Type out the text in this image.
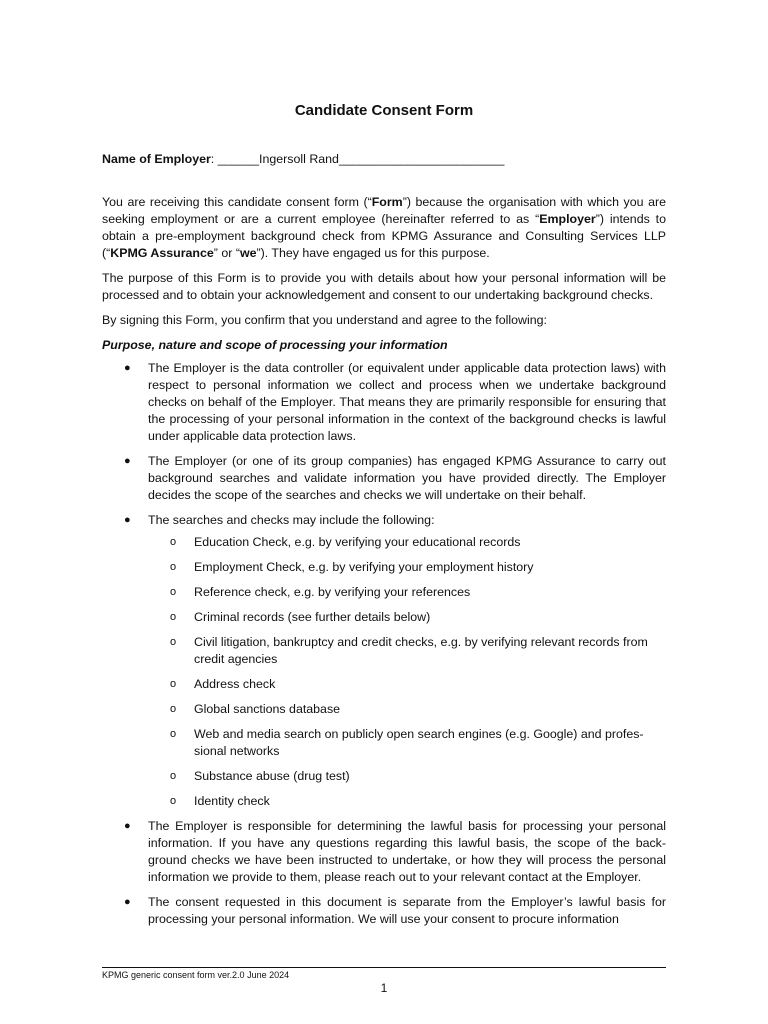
Candidate Consent Form
Name of Employer: ______Ingersoll Rand________________________

You are receiving this candidate consent form (“Form”) because the organisation with which you are seeking employment or are a current employee (hereinafter referred to as “Employer”) intends to obtain a pre-employment background check from KPMG Assurance and Consulting Services LLP (“KPMG Assurance” or “we”). They have engaged us for this purpose.

The purpose of this Form is to provide you with details about how your personal information will be processed and to obtain your acknowledgement and consent to our undertaking background checks.

By signing this Form, you confirm that you understand and agree to the following:

Purpose, nature and scope of processing your information

● The Employer is the data controller (or equivalent under applicable data protection laws) with respect to personal information we collect and process when we undertake background checks on behalf of the Employer. That means they are primarily responsible for ensuring that the processing of your personal information in the context of the background checks is lawful under applicable data protection laws.
● The Employer (or one of its group companies) has engaged KPMG Assurance to carry out background searches and validate information you have provided directly. The Employer decides the scope of the searches and checks we will undertake on their behalf.
● The searches and checks may include the following:
o Education Check, e.g. by verifying your educational records
o Employment Check, e.g. by verifying your employment history
o Reference check, e.g. by verifying your references
o Criminal records (see further details below)
o Civil litigation, bankruptcy and credit checks, e.g. by verifying relevant records from credit agencies
o Address check
o Global sanctions database
o Web and media search on publicly open search engines (e.g. Google) and profes-sional networks
o Substance abuse (drug test)
o Identity check
● The Employer is responsible for determining the lawful basis for processing your personal information. If you have any questions regarding this lawful basis, the scope of the back-ground checks we have been instructed to undertake, or how they will process the personal information we provide to them, please reach out to your relevant contact at the Employer.
● The consent requested in this document is separate from the Employer’s lawful basis for processing your personal information. We will use your consent to procure information
KPMG generic consent form ver.2.0 June 2024
1
